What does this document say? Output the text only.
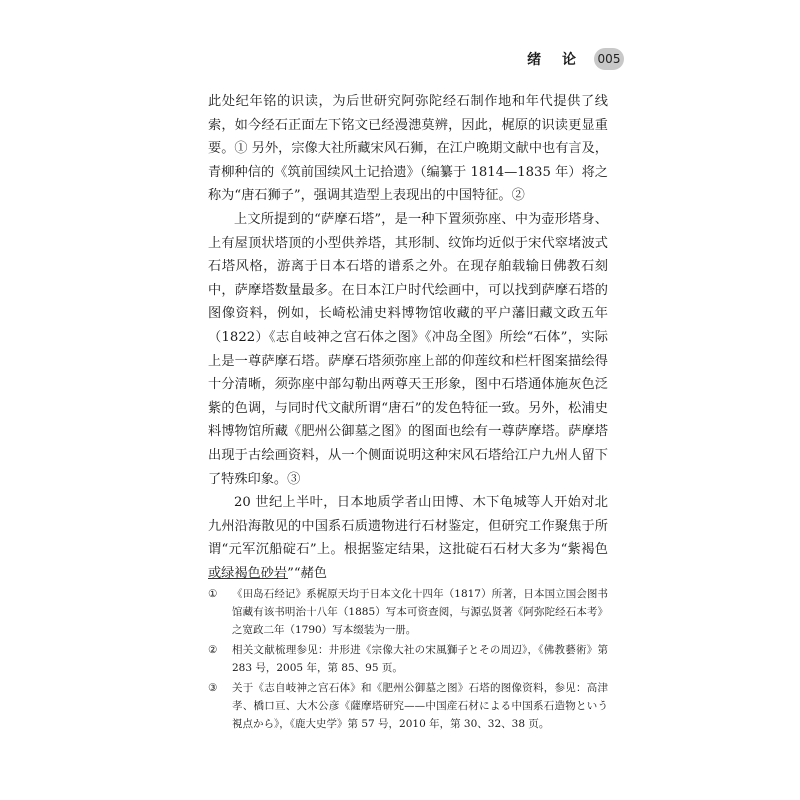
绪 论 005

此处纪年铭的识读，为后世研究阿弥陀经石制作地和年代提供了线索，如今经石正面左下铭文已经漫漶莫辨，因此，梶原的识读更显重要。① 另外，宗像大社所藏宋风石狮，在江户晚期文献中也有言及，青柳种信的《筑前国续风土记拾遗》（编纂于 1814—1835 年）将之称为“唐石狮子”，强调其造型上表现出的中国特征。②

上文所提到的“萨摩石塔”，是一种下置须弥座、中为壶形塔身、上有屋顶状塔顶的小型供养塔，其形制、纹饰均近似于宋代窣堵波式石塔风格，游离于日本石塔的谱系之外。在现存舶载输日佛教石刻中，萨摩塔数量最多。在日本江户时代绘画中，可以找到萨摩石塔的图像资料，例如，长崎松浦史料博物馆收藏的平户藩旧藏文政五年（1822）《志自岐神之宫石体之图》《冲岛全图》所绘“石体”，实际上是一尊萨摩石塔。萨摩石塔须弥座上部的仰莲纹和栏杆图案描绘得十分清晰，须弥座中部勾勒出两尊天王形象，图中石塔通体施灰色泛紫的色调，与同时代文献所谓“唐石”的发色特征一致。另外，松浦史料博物馆所藏《肥州公御墓之图》的图面也绘有一尊萨摩塔。萨摩塔出现于古绘画资料，从一个侧面说明这种宋风石塔给江户九州人留下了特殊印象。③

20 世纪上半叶，日本地质学者山田博、木下龟城等人开始对北九州沿海散见的中国系石质遗物进行石材鉴定，但研究工作聚焦于所谓“元军沉船碇石”上。根据鉴定结果，这批碇石石材大多为“紫褐色或绿褐色砂岩”“赭色

①	《田岛石经记》系梶原天均于日本文化十四年（1817）所著，日本国立国会图书馆藏有该书明治十八年（1885）写本可资查阅，与源弘贤著《阿弥陀经石本考》之宽政二年（1790）写本缀装为一册。
②	相关文献梳理参见：井形进《宗像大社の宋風獅子とその周辺》，《佛教藝術》第 283 号，2005 年，第 85、95 页。
③	关于《志自岐神之宫石体》和《肥州公御墓之图》石塔的图像资料，参见：高津孝、橋口亘、大木公彦《薩摩塔研究——中国産石材による中国系石造物という視点から》，《鹿大史学》第 57 号，2010 年，第 30、32、38 页。
